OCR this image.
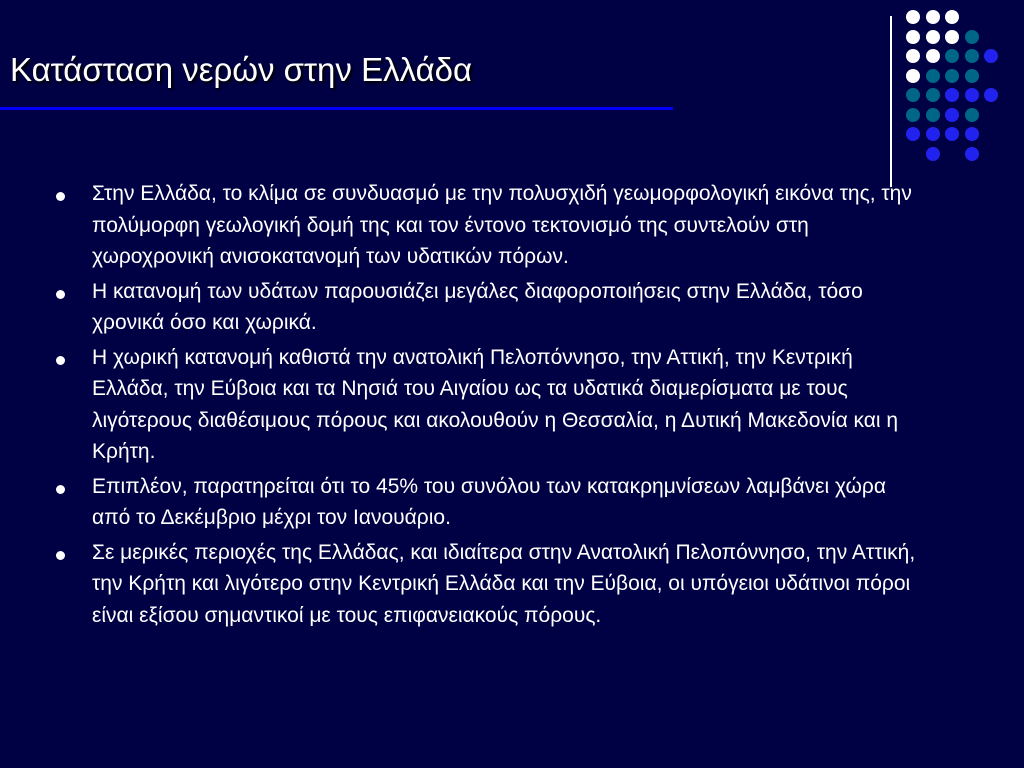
Κατάσταση νερών στην Ελλάδα
Στην Ελλάδα, το κλίμα σε συνδυασμό με την πολυσχιδή γεωμορφολογική εικόνα της, την πολύμορφη γεωλογική δομή της και τον έντονο τεκτονισμό της συντελούν στη χωροχρονική ανισοκατανομή των υδατικών πόρων.
Η κατανομή των υδάτων παρουσιάζει μεγάλες διαφοροποιήσεις στην Ελλάδα, τόσο χρονικά όσο και χωρικά.
Η χωρική κατανομή καθιστά την ανατολική Πελοπόννησο, την Αττική, την Κεντρική Ελλάδα, την Εύβοια και τα Νησιά του Αιγαίου ως τα υδατικά διαμερίσματα με τους λιγότερους διαθέσιμους πόρους και ακολουθούν η Θεσσαλία, η Δυτική Μακεδονία και η Κρήτη.
Επιπλέον, παρατηρείται ότι το 45% του συνόλου των κατακρημνίσεων λαμβάνει χώρα από το Δεκέμβριο μέχρι τον Ιανουάριο.
Σε μερικές περιοχές της Ελλάδας, και ιδιαίτερα στην Ανατολική Πελοπόννησο, την Αττική, την Κρήτη και λιγότερο στην Κεντρική Ελλάδα και την Εύβοια, οι υπόγειοι υδάτινοι πόροι είναι εξίσου σημαντικοί με τους επιφανειακούς πόρους.
